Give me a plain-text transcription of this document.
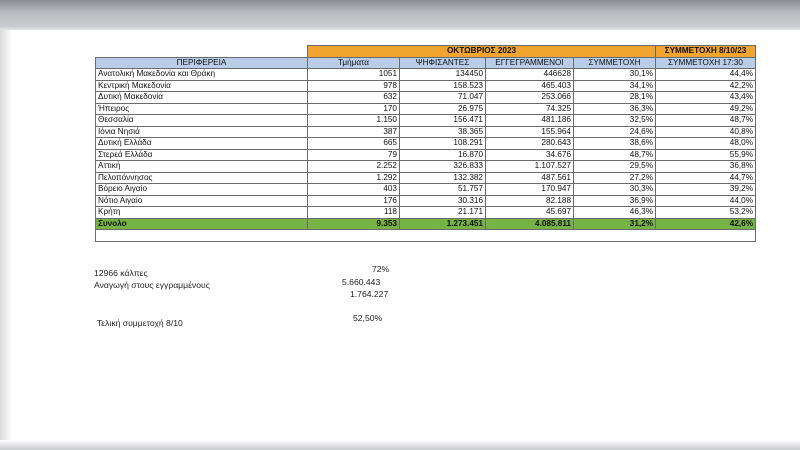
	ΟΚΤΩΒΡΙΟΣ 2023				ΣΥΜΜΕΤΟΧΗ 8/10/23
ΠΕΡΙΦΕΡΕΙΑ	Τμήματα	ΨΗΦΙΣΑΝΤΕΣ	ΕΓΓΕΓΡΑΜΜΕΝΟΙ	ΣΥΜΜΕΤΟΧΗ	ΣΥΜΜΕΤΟΧΗ 17:30
Ανατολική Μακεδονία και Θράκη	1051	134450	446628	30,1%	44,4%
Κεντρική Μακεδονία	978	158.523	465.403	34,1%	42,2%
Δυτική Μακεδονία	632	71.047	253.066	28,1%	43,4%
Ήπειρος	170	26.975	74.325	36,3%	49,2%
Θεσσαλία	1.150	156.471	481.186	32,5%	48,7%
Ιόνια Νησιά	387	38.365	155.964	24,6%	40,8%
Δυτική Ελλάδα	665	108.291	280.643	38,6%	48,0%
Στερεά Ελλάδα	79	16.870	34.676	48,7%	55,9%
Αττική	2.252	326.833	1.107.527	29,5%	36,8%
Πελοπόννησος	1.292	132.382	487.561	27,2%	44,7%
Βόρειο Αιγαίο	403	51.757	170.947	30,3%	39,2%
Νότιο Αιγαίο	176	30.316	82.188	36,9%	44,0%
Κρήτη	118	21.171	45.697	46,3%	53,2%
Συνολο	9.353	1.273.451	4.085.811	31,2%	42,6%

12966 κάλπες	72%
Αναγωγή στους εγγραμμένους	5.660.443
1.764.227
Τελική συμμετοχή 8/10	52,50%
